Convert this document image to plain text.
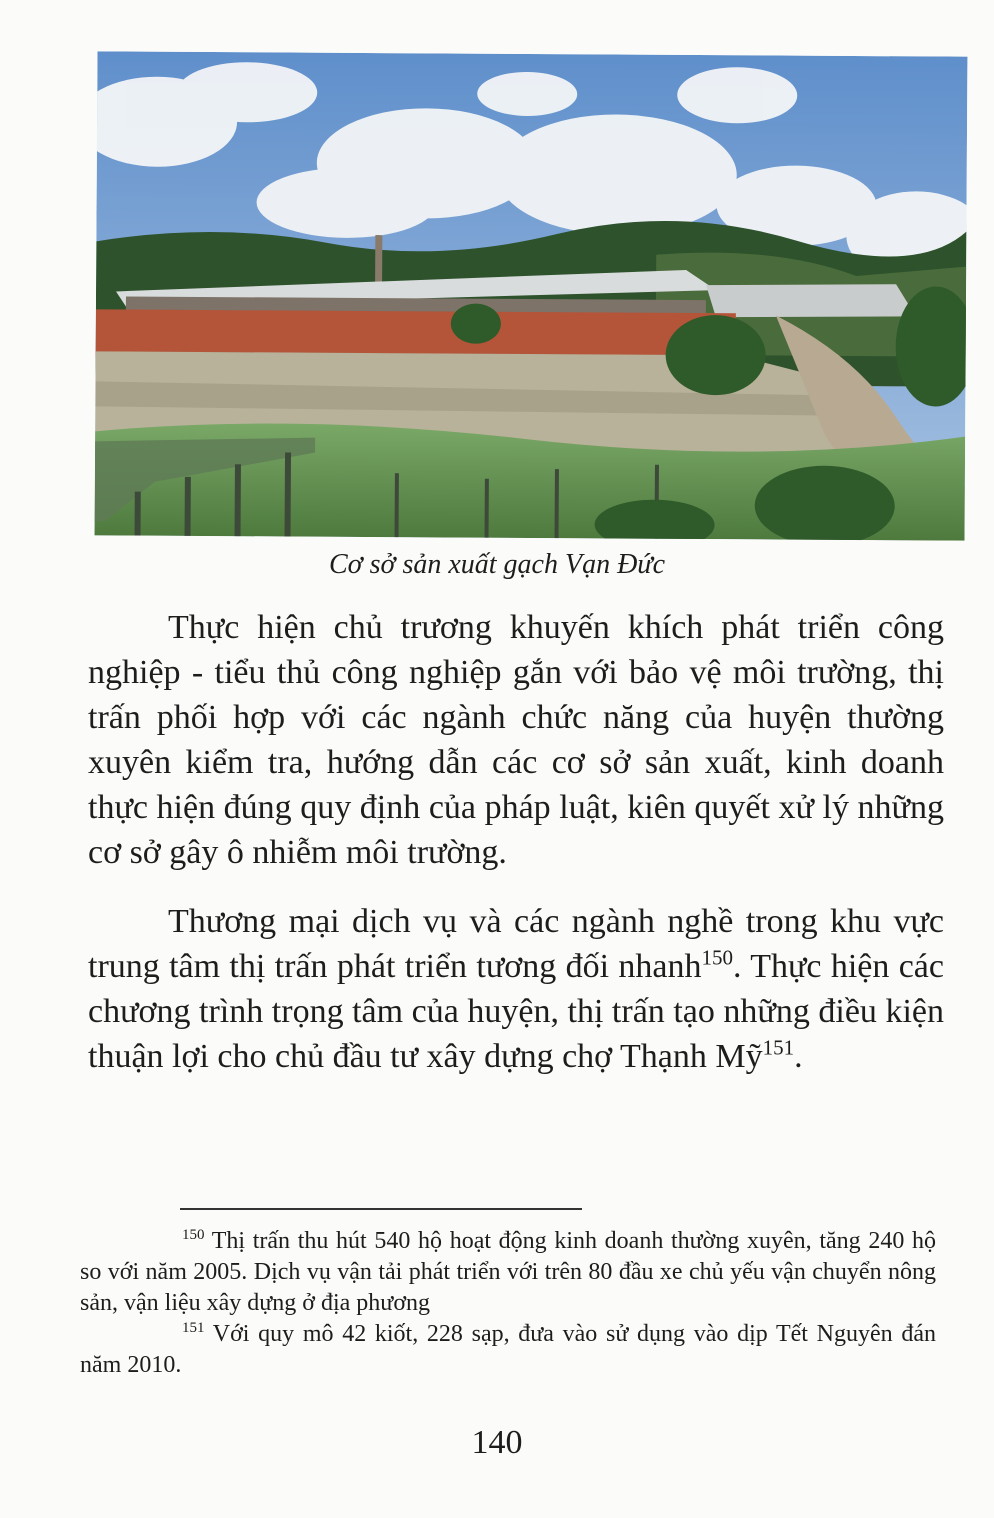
Cơ sở sản xuất gạch Vạn Đức

Thực hiện chủ trương khuyến khích phát triển công nghiệp - tiểu thủ công nghiệp gắn với bảo vệ môi trường, thị trấn phối hợp với các ngành chức năng của huyện thường xuyên kiểm tra, hướng dẫn các cơ sở sản xuất, kinh doanh thực hiện đúng quy định của pháp luật, kiên quyết xử lý những cơ sở gây ô nhiễm môi trường.

Thương mại dịch vụ và các ngành nghề trong khu vực trung tâm thị trấn phát triển tương đối nhanh$^{150}$. Thực hiện các chương trình trọng tâm của huyện, thị trấn tạo những điều kiện thuận lợi cho chủ đầu tư xây dựng chợ Thạnh Mỹ$^{151}$.

$^{150}$ Thị trấn thu hút 540 hộ hoạt động kinh doanh thường xuyên, tăng 240 hộ so với năm 2005. Dịch vụ vận tải phát triển với trên 80 đầu xe chủ yếu vận chuyển nông sản, vận liệu xây dựng ở địa phương

$^{151}$ Với quy mô 42 kiốt, 228 sạp, đưa vào sử dụng vào dịp Tết Nguyên đán năm 2010.

140
